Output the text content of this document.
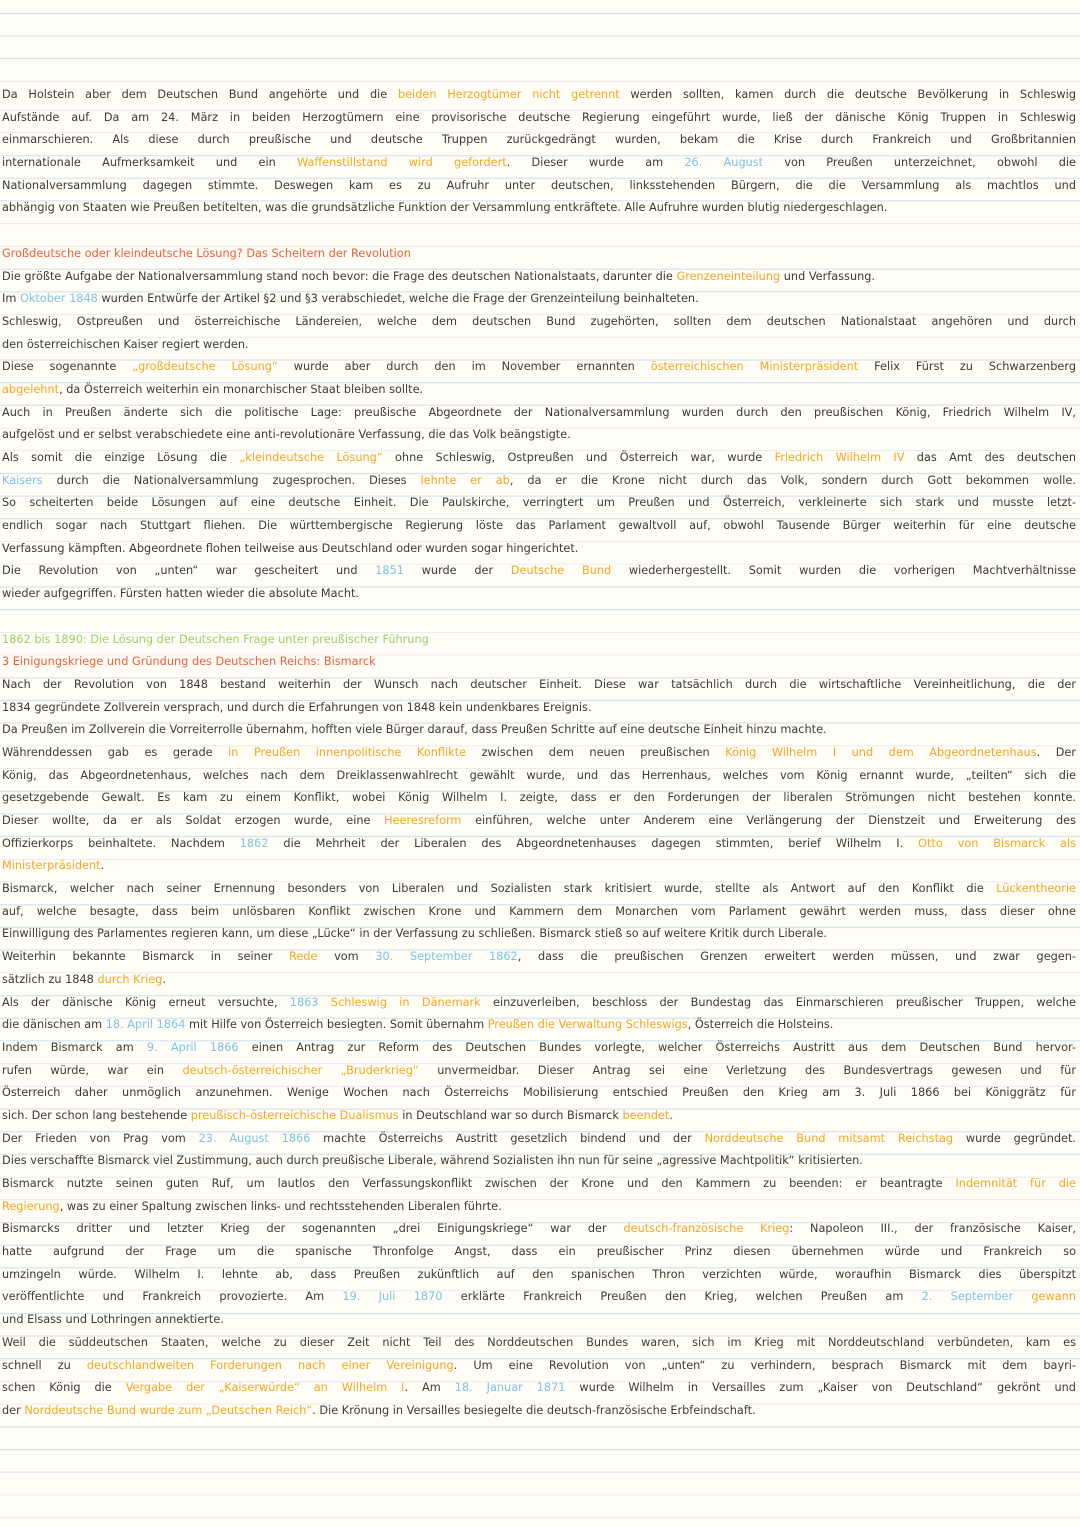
Da Holstein aber dem Deutschen Bund angehörte und die beiden Herzogtümer nicht getrennt werden sollten, kamen durch die deutsche Bevölkerung in Schleswig
Aufstände auf. Da am 24. März in beiden Herzogtümern eine provisorische deutsche Regierung eingeführt wurde, ließ der dänische König Truppen in Schleswig
einmarschieren. Als diese durch preußische und deutsche Truppen zurückgedrängt wurden, bekam die Krise durch Frankreich und Großbritannien
internationale Aufmerksamkeit und ein Waffenstillstand wird gefordert. Dieser wurde am 26. August von Preußen unterzeichnet, obwohl die
Nationalversammlung dagegen stimmte. Deswegen kam es zu Aufruhr unter deutschen, linksstehenden Bürgern, die die Versammlung als machtlos und
abhängig von Staaten wie Preußen betitelten, was die grundsätzliche Funktion der Versammlung entkräftete. Alle Aufruhre wurden blutig niedergeschlagen.
Großdeutsche oder kleindeutsche Lösung? Das Scheitern der Revolution
Die größte Aufgabe der Nationalversammlung stand noch bevor: die Frage des deutschen Nationalstaats, darunter die Grenzeneinteilung und Verfassung.
Im Oktober 1848 wurden Entwürfe der Artikel §2 und §3 verabschiedet, welche die Frage der Grenzeinteilung beinhalteten.
Schleswig, Ostpreußen und österreichische Ländereien, welche dem deutschen Bund zugehörten, sollten dem deutschen Nationalstaat angehören und durch
den österreichischen Kaiser regiert werden.
Diese sogenannte „großdeutsche Lösung“ wurde aber durch den im November ernannten österreichischen Ministerpräsident Felix Fürst zu Schwarzenberg
abgelehnt, da Österreich weiterhin ein monarchischer Staat bleiben sollte.
Auch in Preußen änderte sich die politische Lage: preußische Abgeordnete der Nationalversammlung wurden durch den preußischen König, Friedrich Wilhelm IV,
aufgelöst und er selbst verabschiedete eine anti-revolutionäre Verfassung, die das Volk beängstigte.
Als somit die einzige Lösung die „kleindeutsche Lösung“ ohne Schleswig, Ostpreußen und Österreich war, wurde Friedrich Wilhelm IV das Amt des deutschen
Kaisers durch die Nationalversammlung zugesprochen. Dieses lehnte er ab, da er die Krone nicht durch das Volk, sondern durch Gott bekommen wolle.
So scheiterten beide Lösungen auf eine deutsche Einheit. Die Paulskirche, verringtert um Preußen und Österreich, verkleinerte sich stark und musste letzt-
endlich sogar nach Stuttgart fliehen. Die württembergische Regierung löste das Parlament gewaltvoll auf, obwohl Tausende Bürger weiterhin für eine deutsche
Verfassung kämpften. Abgeordnete flohen teilweise aus Deutschland oder wurden sogar hingerichtet.
Die Revolution von „unten“ war gescheitert und 1851 wurde der Deutsche Bund wiederhergestellt. Somit wurden die vorherigen Machtverhältnisse
wieder aufgegriffen. Fürsten hatten wieder die absolute Macht.
1862 bis 1890: Die Lösung der Deutschen Frage unter preußischer Führung
3 Einigungskriege und Gründung des Deutschen Reichs: Bismarck
Nach der Revolution von 1848 bestand weiterhin der Wunsch nach deutscher Einheit. Diese war tatsächlich durch die wirtschaftliche Vereinheitlichung, die der
1834 gegründete Zollverein versprach, und durch die Erfahrungen von 1848 kein undenkbares Ereignis.
Da Preußen im Zollverein die Vorreiterrolle übernahm, hofften viele Bürger darauf, dass Preußen Schritte auf eine deutsche Einheit hinzu machte.
Währenddessen gab es gerade in Preußen innenpolitische Konflikte zwischen dem neuen preußischen König Wilhelm I und dem Abgeordnetenhaus. Der
König, das Abgeordnetenhaus, welches nach dem Dreiklassenwahlrecht gewählt wurde, und das Herrenhaus, welches vom König ernannt wurde, „teilten“ sich die
gesetzgebende Gewalt. Es kam zu einem Konflikt, wobei König Wilhelm I. zeigte, dass er den Forderungen der liberalen Strömungen nicht bestehen konnte.
Dieser wollte, da er als Soldat erzogen wurde, eine Heeresreform einführen, welche unter Anderem eine Verlängerung der Dienstzeit und Erweiterung des
Offizierkorps beinhaltete. Nachdem 1862 die Mehrheit der Liberalen des Abgeordnetenhauses dagegen stimmten, berief Wilhelm I. Otto von Bismarck als
Ministerpräsident.
Bismarck, welcher nach seiner Ernennung besonders von Liberalen und Sozialisten stark kritisiert wurde, stellte als Antwort auf den Konflikt die Lückentheorie
auf, welche besagte, dass beim unlösbaren Konflikt zwischen Krone und Kammern dem Monarchen vom Parlament gewährt werden muss, dass dieser ohne
Einwilligung des Parlamentes regieren kann, um diese „Lücke“ in der Verfassung zu schließen. Bismarck stieß so auf weitere Kritik durch Liberale.
Weiterhin bekannte Bismarck in seiner Rede vom 30. September 1862, dass die preußischen Grenzen erweitert werden müssen, und zwar gegen-
sätzlich zu 1848 durch Krieg.
Als der dänische König erneut versuchte, 1863 Schleswig in Dänemark einzuverleiben, beschloss der Bundestag das Einmarschieren preußischer Truppen, welche
die dänischen am 18. April 1864 mit Hilfe von Österreich besiegten. Somit übernahm Preußen die Verwaltung Schleswigs, Österreich die Holsteins.
Indem Bismarck am 9. April 1866 einen Antrag zur Reform des Deutschen Bundes vorlegte, welcher Österreichs Austritt aus dem Deutschen Bund hervor-
rufen würde, war ein deutsch-österreichischer „Bruderkrieg“ unvermeidbar. Dieser Antrag sei eine Verletzung des Bundesvertrags gewesen und für
Österreich daher unmöglich anzunehmen. Wenige Wochen nach Österreichs Mobilisierung entschied Preußen den Krieg am 3. Juli 1866 bei Königgrätz für
sich. Der schon lang bestehende preußisch-österreichische Dualismus in Deutschland war so durch Bismarck beendet.
Der Frieden von Prag vom 23. August 1866 machte Österreichs Austritt gesetzlich bindend und der Norddeutsche Bund mitsamt Reichstag wurde gegründet.
Dies verschaffte Bismarck viel Zustimmung, auch durch preußische Liberale, während Sozialisten ihn nun für seine „agressive Machtpolitik“ kritisierten.
Bismarck nutzte seinen guten Ruf, um lautlos den Verfassungskonflikt zwischen der Krone und den Kammern zu beenden: er beantragte Indemnität für die
Regierung, was zu einer Spaltung zwischen links- und rechtsstehenden Liberalen führte.
Bismarcks dritter und letzter Krieg der sogenannten „drei Einigungskriege“ war der deutsch-französische Krieg: Napoleon III., der französische Kaiser,
hatte aufgrund der Frage um die spanische Thronfolge Angst, dass ein preußischer Prinz diesen übernehmen würde und Frankreich so
umzingeln würde. Wilhelm I. lehnte ab, dass Preußen zukünftlich auf den spanischen Thron verzichten würde, woraufhin Bismarck dies überspitzt
veröffentlichte und Frankreich provozierte. Am 19. Juli 1870 erklärte Frankreich Preußen den Krieg, welchen Preußen am 2. September gewann
und Elsass und Lothringen annektierte.
Weil die süddeutschen Staaten, welche zu dieser Zeit nicht Teil des Norddeutschen Bundes waren, sich im Krieg mit Norddeutschland verbündeten, kam es
schnell zu deutschlandweiten Forderungen nach einer Vereinigung. Um eine Revolution von „unten“ zu verhindern, besprach Bismarck mit dem bayri-
schen König die Vergabe der „Kaiserwürde“ an Wilhelm I. Am 18. Januar 1871 wurde Wilhelm in Versailles zum „Kaiser von Deutschland“ gekrönt und
der Norddeutsche Bund wurde zum „Deutschen Reich“. Die Krönung in Versailles besiegelte die deutsch-französische Erbfeindschaft.
